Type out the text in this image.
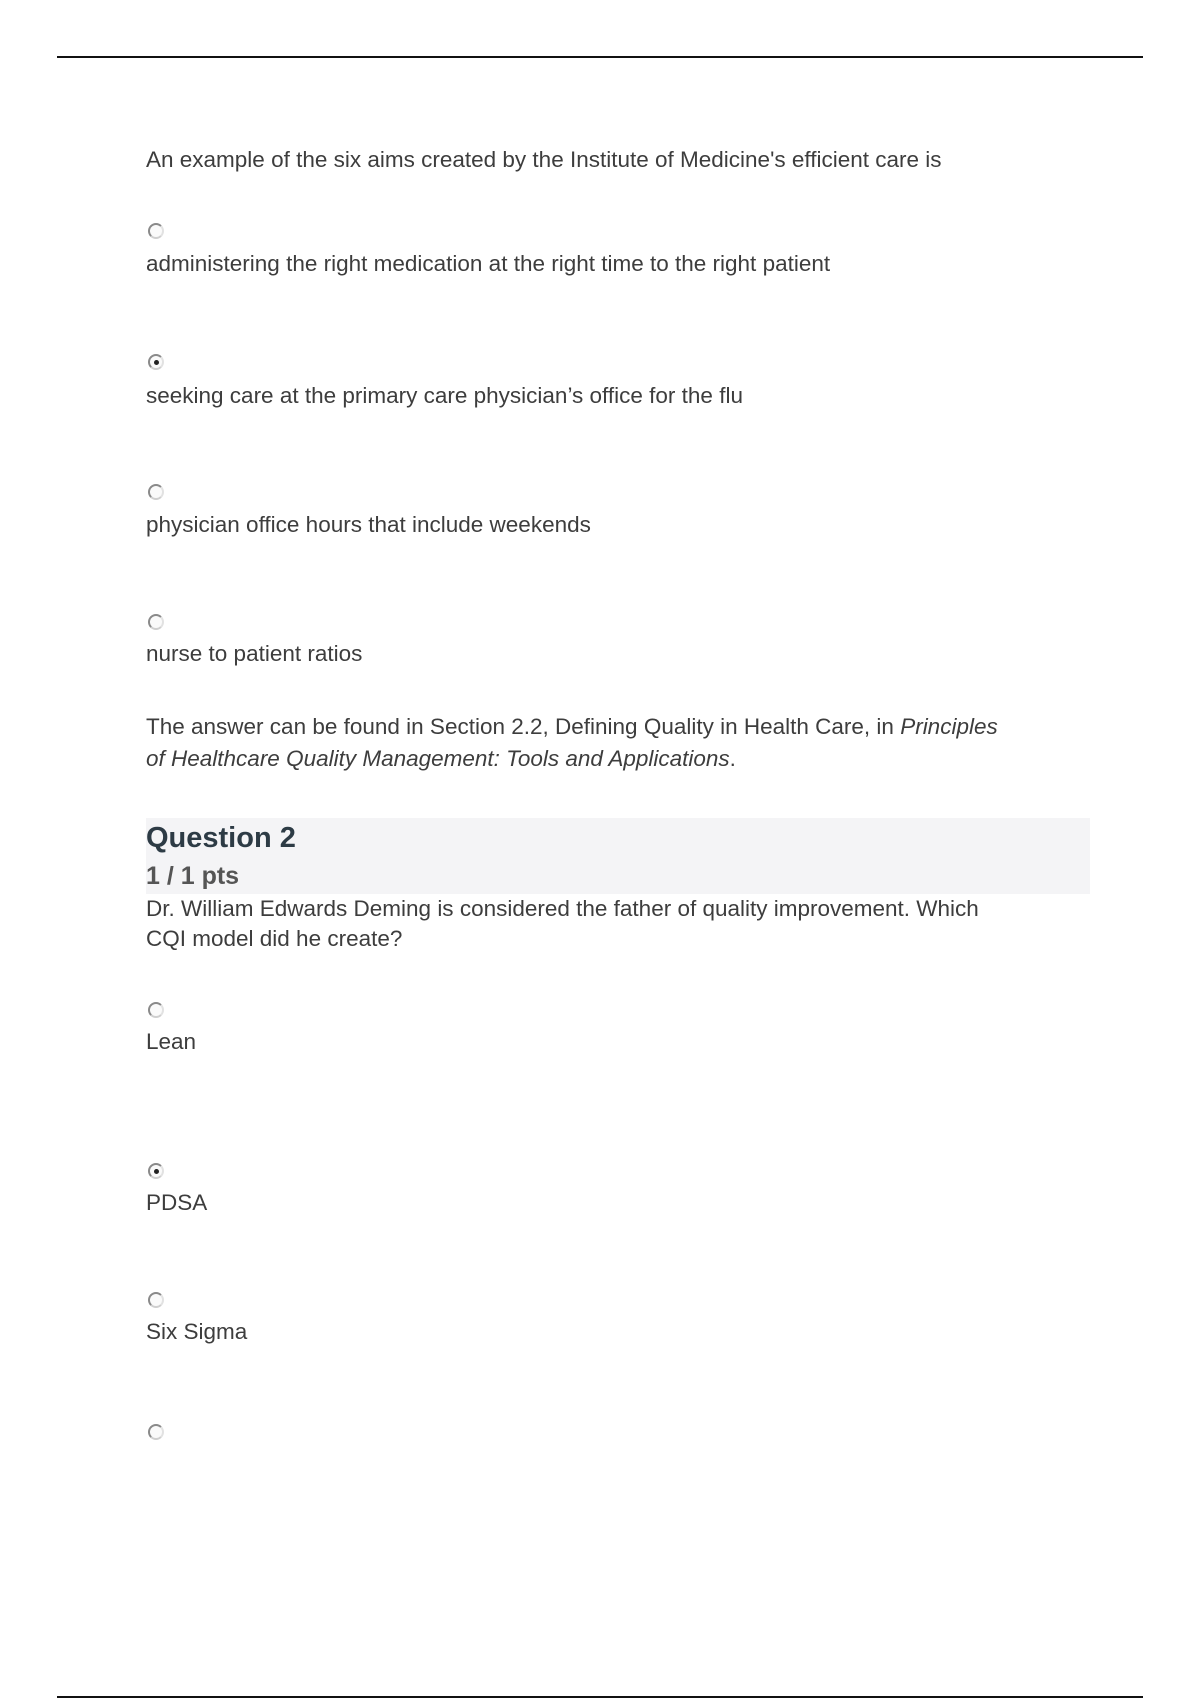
An example of the six aims created by the Institute of Medicine's efficient care is
administering the right medication at the right time to the right patient
seeking care at the primary care physician’s office for the flu
physician office hours that include weekends
nurse to patient ratios
The answer can be found in Section 2.2, Defining Quality in Health Care, in Principles
of Healthcare Quality Management: Tools and Applications.
Question 2
1 / 1 pts
Dr. William Edwards Deming is considered the father of quality improvement. Which
CQI model did he create?
Lean
PDSA
Six Sigma
